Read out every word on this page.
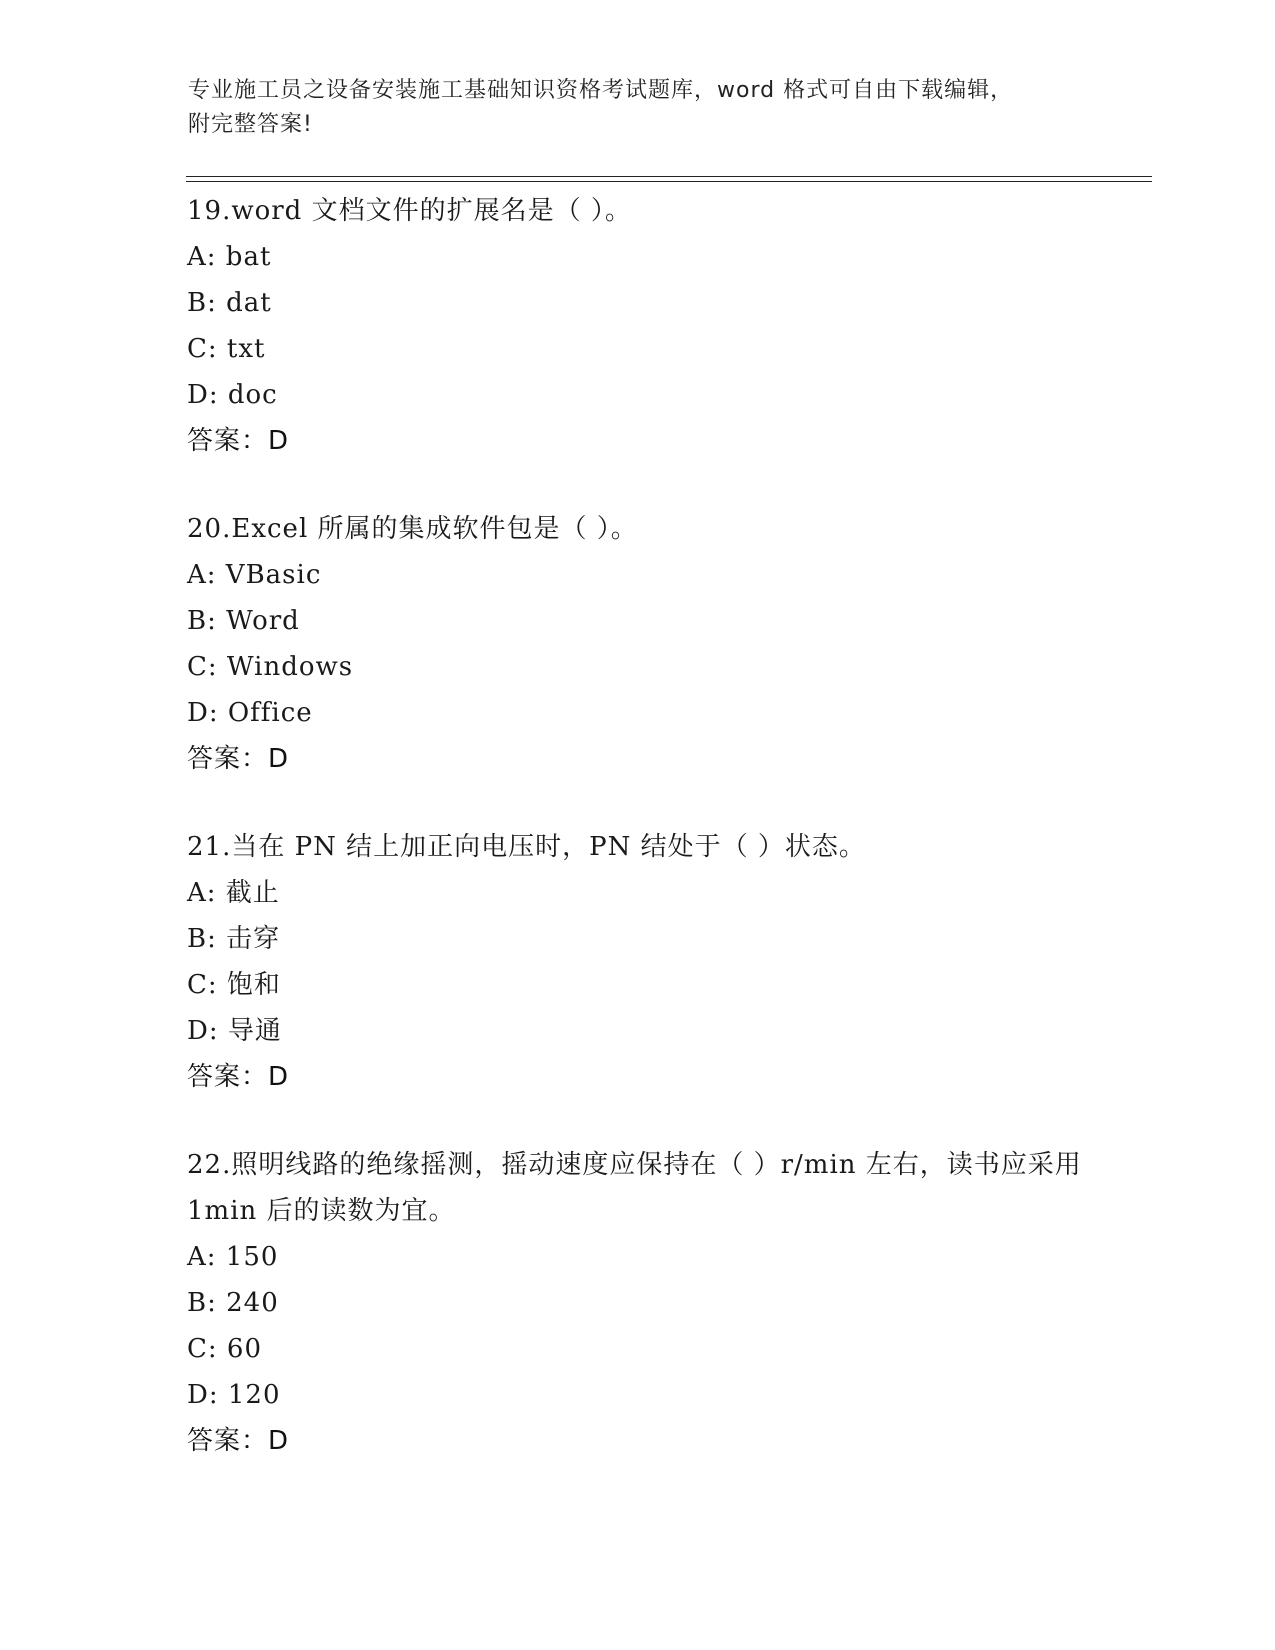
专业施工员之设备安装施工基础知识资格考试题库，word 格式可自由下载编辑，

附完整答案!

19.word 文档文件的扩展名是（ ）。

A: bat

B: dat

C: txt

D: doc

答案：D

20.Excel 所属的集成软件包是（ ）。

A: VBasic

B: Word

C: Windows

D: Office

答案：D

21.当在 PN 结上加正向电压时，PN 结处于（ ）状态。

A: 截止

B: 击穿

C: 饱和

D: 导通

答案：D

22.照明线路的绝缘摇测，摇动速度应保持在（ ）r/min 左右，读书应采用 1min 后的读数为宜。

A: 150

B: 240

C: 60

D: 120

答案：D
